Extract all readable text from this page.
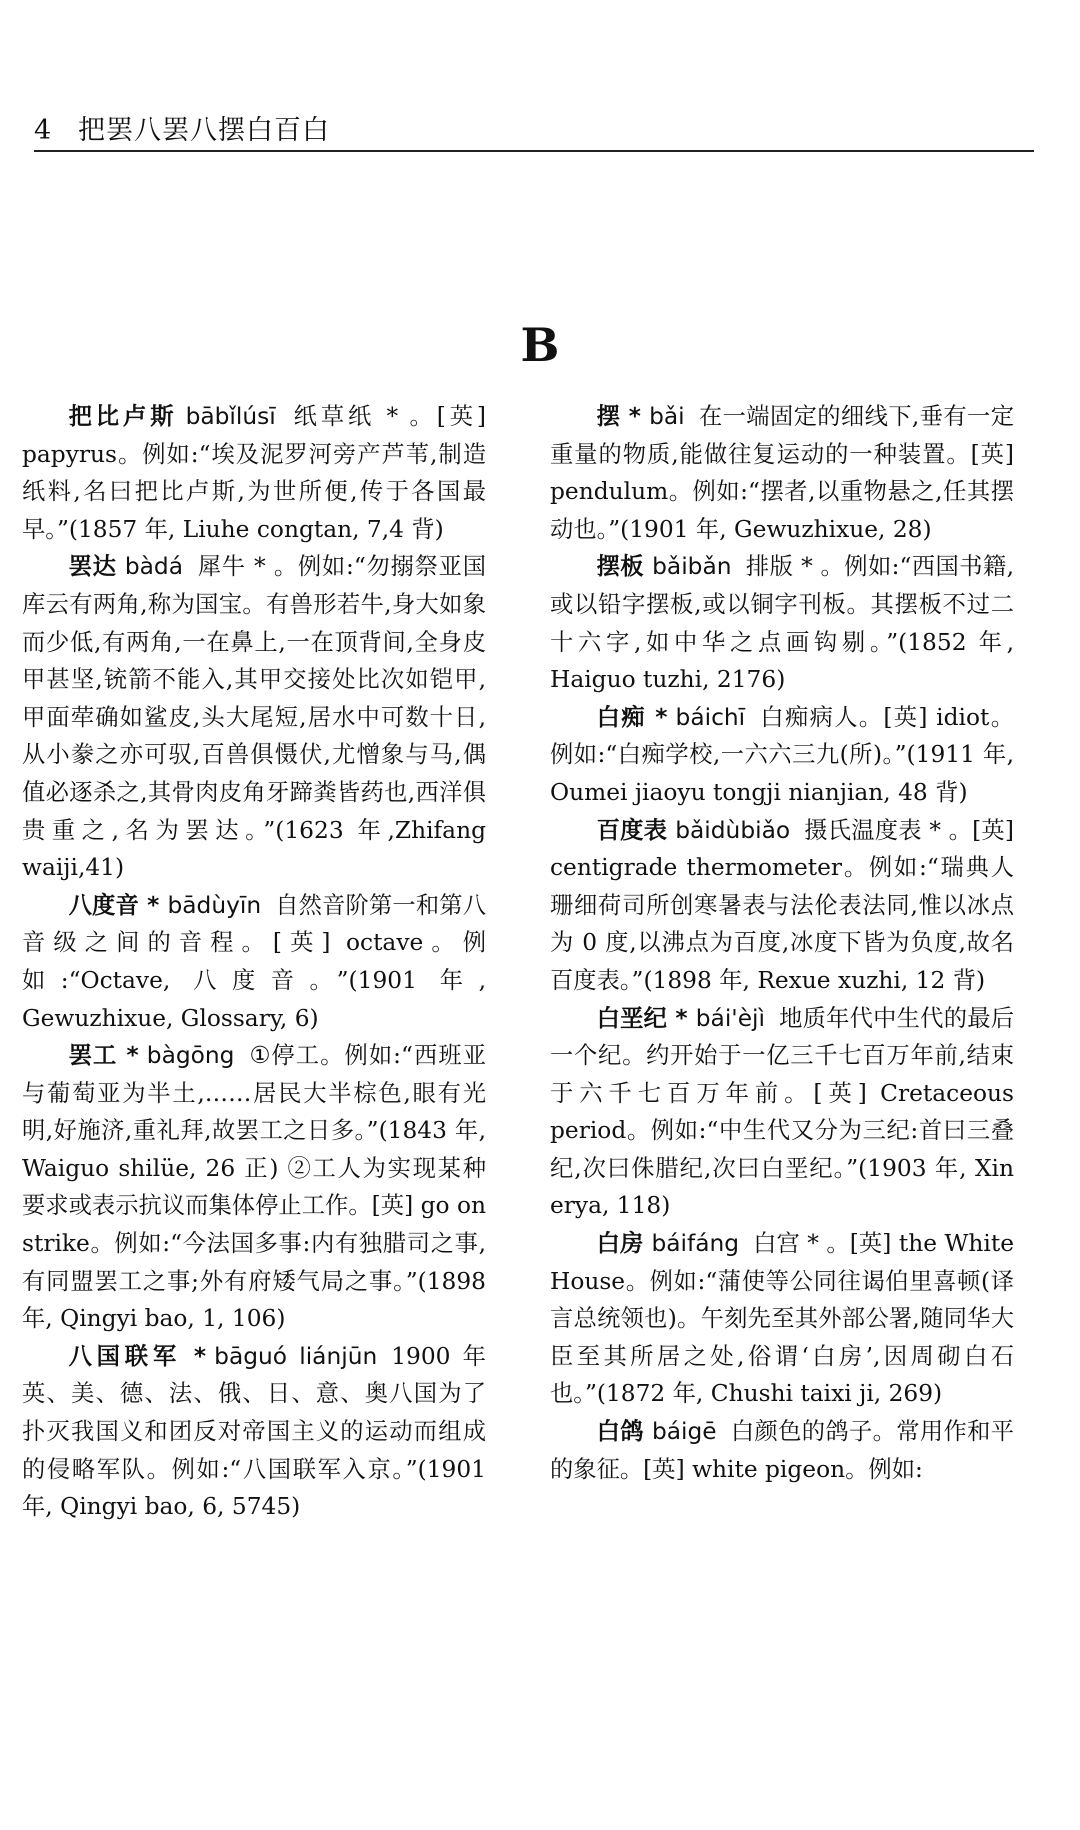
4 把罢八罢八摆白百白
B

把比卢斯 bābǐlúsī 纸草纸 * 。[英] papyrus。例如:“埃及泥罗河旁产芦苇,制造纸料,名曰把比卢斯,为世所便,传于各国最早。”(1857 年, Liuhe congtan, 7,4 背)

罢达 bàdá 犀牛 * 。例如:“勿搦祭亚国库云有两角,称为国宝。有兽形若牛,身大如象而少低,有两角,一在鼻上,一在顶背间,全身皮甲甚坚,铳箭不能入,其甲交接处比次如铠甲,甲面荦确如鲨皮,头大尾短,居水中可数十日,从小豢之亦可驭,百兽俱慑伏,尤憎象与马,偶值必逐杀之,其骨肉皮角牙蹄粪皆药也,西洋俱贵重之,名为罢达。”(1623 年,Zhifang waiji,41)

八度音 * bādùyīn 自然音阶第一和第八音级之间的音程。[英] octave。例如:“Octave, 八度音。”(1901 年, Gewuzhixue, Glossary, 6)

罢工 * bàgōng ①停工。例如:“西班亚与葡萄亚为半土,……居民大半棕色,眼有光明,好施济,重礼拜,故罢工之日多。”(1843 年, Waiguo shilüe, 26 正) ②工人为实现某种要求或表示抗议而集体停止工作。[英] go on strike。例如:“今法国多事:内有独腊司之事,有同盟罢工之事;外有府矮气局之事。”(1898 年, Qingyi bao, 1, 106)

八国联军 * bāguó liánjūn 1900 年英、美、德、法、俄、日、意、奥八国为了扑灭我国义和团反对帝国主义的运动而组成的侵略军队。例如:“八国联军入京。”(1901 年, Qingyi bao, 6, 5745)

摆 * bǎi 在一端固定的细线下,垂有一定重量的物质,能做往复运动的一种装置。[英] pendulum。例如:“摆者,以重物悬之,任其摆动也。”(1901 年, Gewuzhixue, 28)

摆板 bǎibǎn 排版 * 。例如:“西国书籍,或以铅字摆板,或以铜字刊板。其摆板不过二十六字,如中华之点画钩剔。”(1852 年, Haiguo tuzhi, 2176)

白痴 * báichī 白痴病人。[英] idiot。例如:“白痴学校,一六六三九(所)。”(1911 年, Oumei jiaoyu tongji nianjian, 48 背)

百度表 bǎidùbiǎo 摄氏温度表 * 。[英] centigrade thermometer。例如:“瑞典人珊细荷司所创寒暑表与法伦表法同,惟以冰点为 0 度,以沸点为百度,冰度下皆为负度,故名百度表。”(1898 年, Rexue xuzhi, 12 背)

白垩纪 * bái'èjì 地质年代中生代的最后一个纪。约开始于一亿三千七百万年前,结束于六千七百万年前。[英] Cretaceous period。例如:“中生代又分为三纪:首曰三叠纪,次曰侏腊纪,次曰白垩纪。”(1903 年, Xin erya, 118)

白房 báifáng 白宫 * 。[英] the White House。例如:“蒲使等公同往谒伯里喜顿(译言总统领也)。午刻先至其外部公署,随同华大臣至其所居之处,俗谓‘白房’,因周砌白石也。”(1872 年, Chushi taixi ji, 269)

白鸽 báigē 白颜色的鸽子。常用作和平的象征。[英] white pigeon。例如:
